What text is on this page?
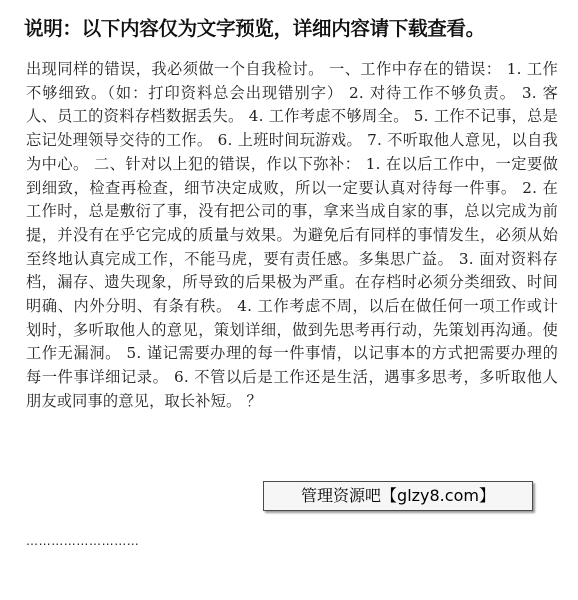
说明：以下内容仅为文字预览，详细内容请下载查看。
出现同样的错误，我必须做一个自我检讨。 一、工作中存在的错误： 1. 工作不够细致。（如：打印资料总会出现错别字） 2. 对待工作不够负责。 3. 客人、员工的资料存档数据丢失。 4. 工作考虑不够周全。 5. 工作不记事，总是忘记处理领导交待的工作。 6. 上班时间玩游戏。 7. 不听取他人意见，以自我为中心。 二、针对以上犯的错误，作以下弥补： 1. 在以后工作中，一定要做到细致，检查再检查，细节决定成败，所以一定要认真对待每一件事。 2. 在工作时，总是敷衍了事，没有把公司的事，拿来当成自家的事，总以完成为前提，并没有在乎它完成的质量与效果。为避免后有同样的事情发生，必须从始至终地认真完成工作，不能马虎，要有责任感。多集思广益。 3. 面对资料存档，漏存、遗失现象，所导致的后果极为严重。在存档时必须分类细致、时间明确、内外分明、有条有秩。 4. 工作考虑不周，以后在做任何一项工作或计划时，多听取他人的意见，策划详细，做到先思考再行动，先策划再沟通。使工作无漏洞。 5. 谨记需要办理的每一件事情，以记事本的方式把需要办理的每一件事详细记录。 6. 不管以后是工作还是生活，遇事多思考，多听取他人朋友或同事的意见，取长补短。 ？
管理资源吧【glzy8.com】
………………………
